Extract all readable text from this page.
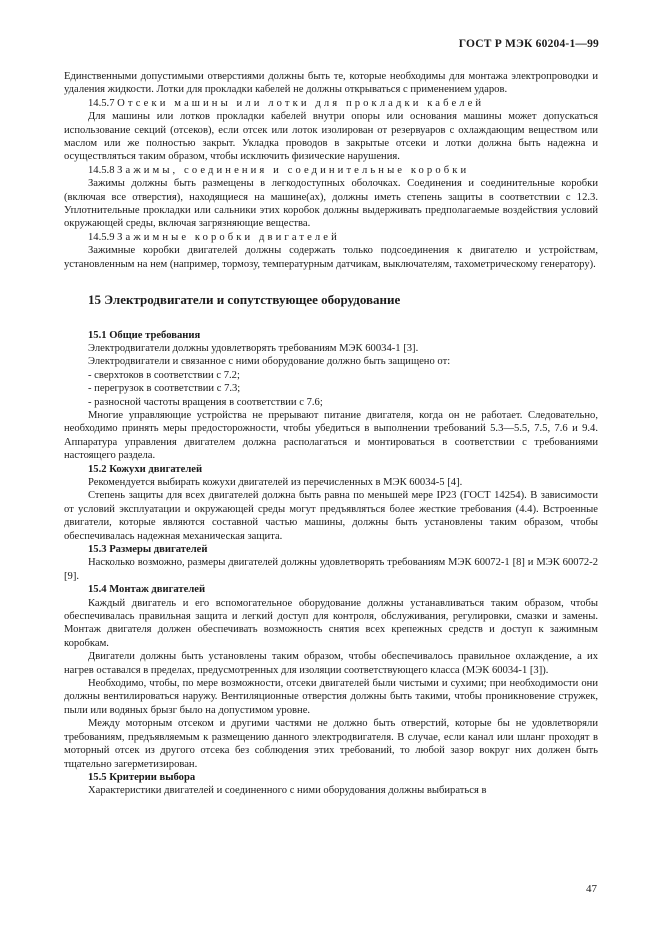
ГОСТ Р МЭК 60204-1—99

Единственными допустимыми отверстиями должны быть те, которые необходимы для монтажа электропроводки и удаления жидкости. Лотки для прокладки кабелей не должны открываться с применением ударов.

14.5.7 Отсеки машины или лотки для прокладки кабелей

Для машины или лотков прокладки кабелей внутри опоры или основания машины может допускаться использование секций (отсеков), если отсек или лоток изолирован от резервуаров с охлаждающим веществом или маслом или же полностью закрыт. Укладка проводов в закрытые отсеки и лотки должна быть надежна и осуществляться таким образом, чтобы исключить физические нарушения.

14.5.8 Зажимы, соединения и соединительные коробки

Зажимы должны быть размещены в легкодоступных оболочках. Соединения и соединительные коробки (включая все отверстия), находящиеся на машине(ах), должны иметь степень защиты в соответствии с 12.3. Уплотнительные прокладки или сальники этих коробок должны выдерживать предполагаемые воздействия условий окружающей среды, включая загрязняющие вещества.

14.5.9 Зажимные коробки двигателей

Зажимные коробки двигателей должны содержать только подсоединения к двигателю и устройствам, установленным на нем (например, тормозу, температурным датчикам, выключателям, тахометрическому генератору).

15 Электродвигатели и сопутствующее оборудование

15.1 Общие требования

Электродвигатели должны удовлетворять требованиям МЭК 60034-1 [3].

Электродвигатели и связанное с ними оборудование должно быть защищено от:

- сверхтоков в соответствии с 7.2;
- перегрузок в соответствии с 7.3;
- разносной частоты вращения в соответствии с 7.6;

Многие управляющие устройства не прерывают питание двигателя, когда он не работает. Следовательно, необходимо принять меры предосторожности, чтобы убедиться в выполнении требований 5.3—5.5, 7.5, 7.6 и 9.4. Аппаратура управления двигателем должна располагаться и монтироваться в соответствии с требованиями настоящего раздела.

15.2 Кожухи двигателей

Рекомендуется выбирать кожухи двигателей из перечисленных в МЭК 60034-5 [4].

Степень защиты для всех двигателей должна быть равна по меньшей мере IP23 (ГОСТ 14254). В зависимости от условий эксплуатации и окружающей среды могут предъявляться более жесткие требования (4.4). Встроенные двигатели, которые являются составной частью машины, должны быть установлены таким образом, чтобы обеспечивалась надежная механическая защита.

15.3 Размеры двигателей

Насколько возможно, размеры двигателей должны удовлетворять требованиям МЭК 60072-1 [8] и МЭК 60072-2 [9].

15.4 Монтаж двигателей

Каждый двигатель и его вспомогательное оборудование должны устанавливаться таким образом, чтобы обеспечивалась правильная защита и легкий доступ для контроля, обслуживания, регулировки, смазки и замены. Монтаж двигателя должен обеспечивать возможность снятия всех крепежных средств и доступ к зажимным коробкам.

Двигатели должны быть установлены таким образом, чтобы обеспечивалось правильное охлаждение, а их нагрев оставался в пределах, предусмотренных для изоляции соответствующего класса (МЭК 60034-1 [3]).

Необходимо, чтобы, по мере возможности, отсеки двигателей были чистыми и сухими; при необходимости они должны вентилироваться наружу. Вентиляционные отверстия должны быть такими, чтобы проникновение стружек, пыли или водяных брызг было на допустимом уровне.

Между моторным отсеком и другими частями не должно быть отверстий, которые бы не удовлетворяли требованиям, предъявляемым к размещению данного электродвигателя. В случае, если канал или шланг проходят в моторный отсек из другого отсека без соблюдения этих требований, то любой зазор вокруг них должен быть тщательно загерметизирован.

15.5 Критерии выбора

Характеристики двигателей и соединенного с ними оборудования должны выбираться в

47
